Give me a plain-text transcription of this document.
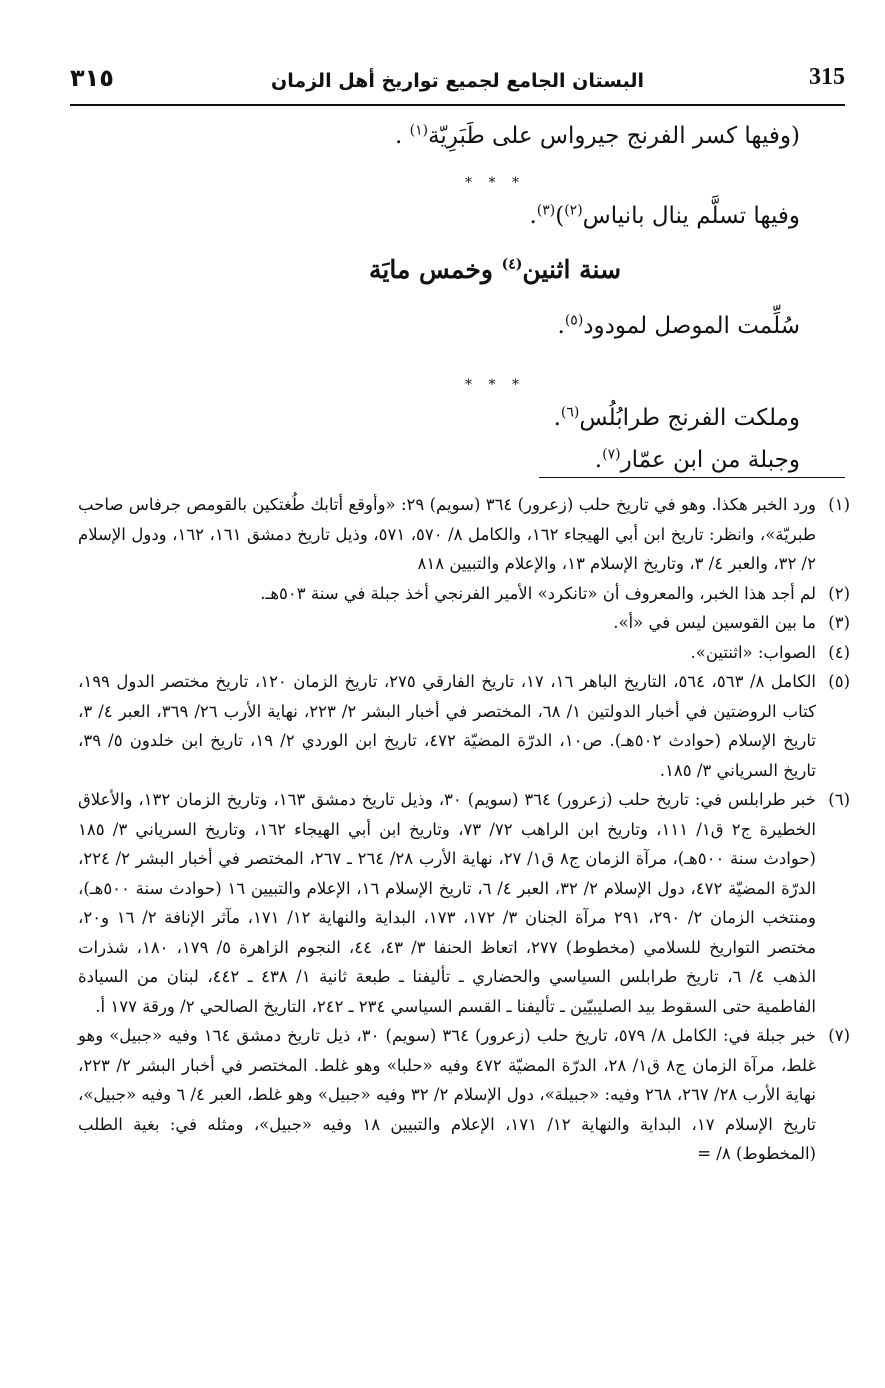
315
البستان الجامع لجميع تواريخ أهل الزمان
٣١٥

(وفيها كسر الفرنج جيرواس على طَبَرِيّة$^{(١)}$ .

* * *

وفيها تسلَّم ينال بانياس$^{(٢)}$)$^{(٣)}$.

سنة اثنين$^{(٤)}$ وخمس مايَة

سُلِّمت الموصل لمودود$^{(٥)}$.

* * *

وملكت الفرنج طرابُلُس$^{(٦)}$.

وجبلة من ابن عمّار$^{(٧)}$.

(١)
ورد الخبر هكذا. وهو في تاريخ حلب (زعرور) ٣٦٤ (سويم) ٢٩: «وأوقع أتابك طُغتكين بالقومص جرفاس صاحب طبريّة»، وانظر: تاريخ ابن أبي الهيجاء ١٦٢، والكامل ٨/ ٥٧٠، ٥٧١، وذيل تاريخ دمشق ١٦١، ١٦٢، ودول الإسلام ٢/ ٣٢، والعبر ٤/ ٣، وتاريخ الإسلام ١٣، والإعلام والتبيين ٨١٨
(٢)
لم أجد هذا الخبر، والمعروف أن «تانكرد» الأمير الفرنجي أخذ جبلة في سنة ٥٠٣هـ.
(٣)
ما بين القوسين ليس في «أ».
(٤)
الصواب: «اثنتين».
(٥)
الكامل ٨/ ٥٦٣، ٥٦٤، التاريخ الباهر ١٦، ١٧، تاريخ الفارقي ٢٧٥، تاريخ الزمان ١٢٠، تاريخ مختصر الدول ١٩٩، كتاب الروضتين في أخبار الدولتين ١/ ٦٨، المختصر في أخبار البشر ٢/ ٢٢٣، نهاية الأرب ٢٦/ ٣٦٩، العبر ٤/ ٣، تاريخ الإسلام (حوادث ٥٠٢هـ). ص١٠، الدرّة المضيّة ٤٧٢، تاريخ ابن الوردي ٢/ ١٩، تاريخ ابن خلدون ٥/ ٣٩، تاريخ السرياني ٣/ ١٨٥.
(٦)
خبر طرابلس في: تاريخ حلب (زعرور) ٣٦٤ (سويم) ٣٠، وذيل تاريخ دمشق ١٦٣، وتاريخ الزمان ١٣٢، والأعلاق الخطيرة ج٢ ق١/ ١١١، وتاريخ ابن الراهب ٧٢/ ٧٣، وتاريخ ابن أبي الهيجاء ١٦٢، وتاريخ السرياني ٣/ ١٨٥ (حوادث سنة ٥٠٠هـ)، مرآة الزمان ج٨ ق١/ ٢٧، نهاية الأرب ٢٨/ ٢٦٤ ـ ٢٦٧، المختصر في أخبار البشر ٢/ ٢٢٤، الدرّة المضيّة ٤٧٢، دول الإسلام ٢/ ٣٢، العبر ٤/ ٦، تاريخ الإسلام ١٦، الإعلام والتبيين ١٦ (حوادث سنة ٥٠٠هـ)، ومنتخب الزمان ٢/ ٢٩٠، ٢٩١ مرآة الجنان ٣/ ١٧٢، ١٧٣، البداية والنهاية ١٢/ ١٧١، مآثر الإنافة ٢/ ١٦ و٢٠، مختصر التواريخ للسلامي (مخطوط) ٢٧٧، اتعاظ الحنفا ٣/ ٤٣، ٤٤، النجوم الزاهرة ٥/ ١٧٩، ١٨٠، شذرات الذهب ٤/ ٦، تاريخ طرابلس السياسي والحضاري ـ تأليفنا ـ طبعة ثانية ١/ ٤٣٨ ـ ٤٤٢، لبنان من السيادة الفاطمية حتى السقوط بيد الصليبيّين ـ تأليفنا ـ القسم السياسي ٢٣٤ ـ ٢٤٢، التاريخ الصالحي ٢/ ورقة ١٧٧ أ.
(٧)
خبر جبلة في: الكامل ٨/ ٥٧٩، تاريخ حلب (زعرور) ٣٦٤ (سويم) ٣٠، ذيل تاريخ دمشق ١٦٤ وفيه «جبيل» وهو غلط، مرآة الزمان ج٨ ق١/ ٢٨، الدرّة المضيّة ٤٧٢ وفيه «حلبا» وهو غلط. المختصر في أخبار البشر ٢/ ٢٢٣، نهاية الأرب ٢٨/ ٢٦٧، ٢٦٨ وفيه: «جبيلة»، دول الإسلام ٢/ ٣٢ وفيه «جبيل» وهو غلط، العبر ٤/ ٦ وفيه «جبيل»، تاريخ الإسلام ١٧، البداية والنهاية ١٢/ ١٧١، الإعلام والتبيين ١٨ وفيه «جبيل»، ومثله في: بغية الطلب (المخطوط) ٨/ =
